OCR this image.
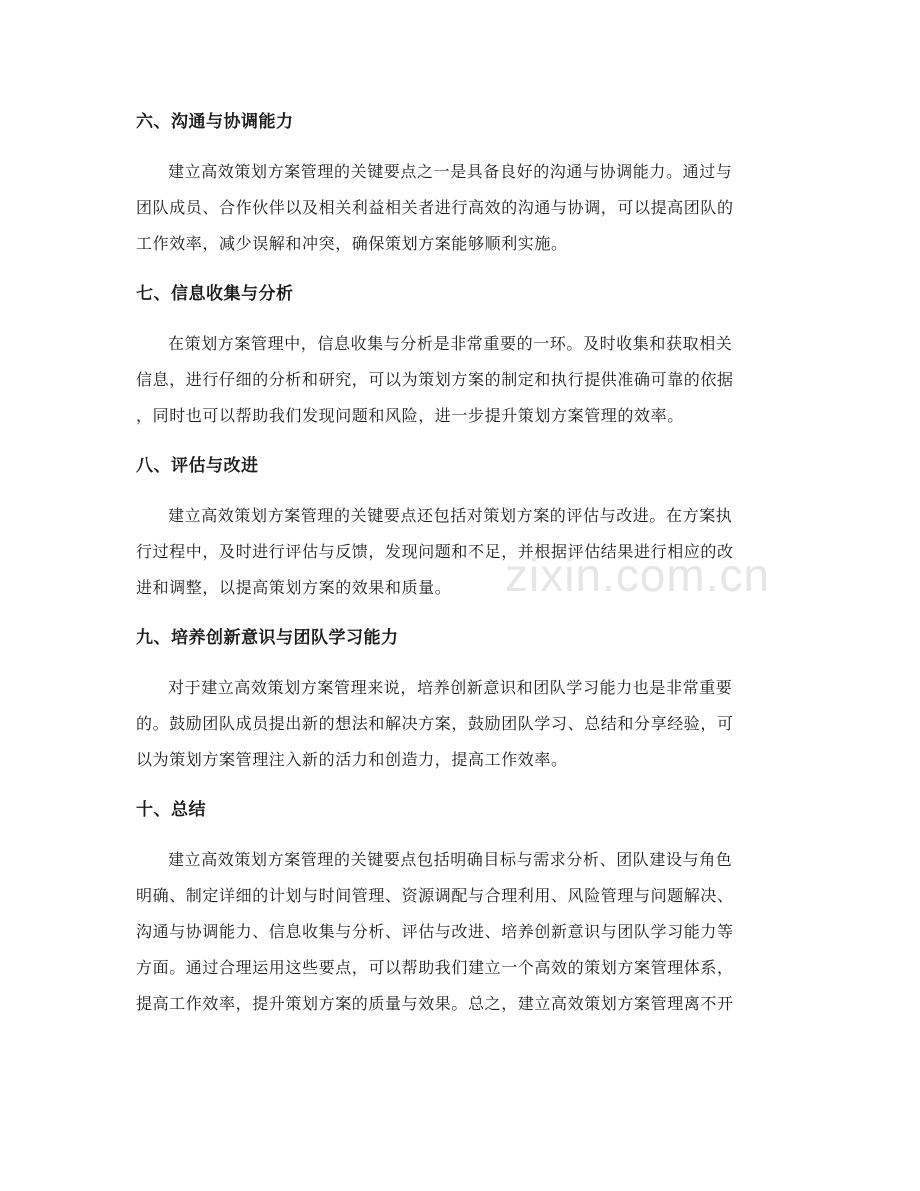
zixin.com.cn
六、沟通与协调能力

建立高效策划方案管理的关键要点之一是具备良好的沟通与协调能力。通过与
团队成员、合作伙伴以及相关利益相关者进行高效的沟通与协调，可以提高团队的
工作效率，减少误解和冲突，确保策划方案能够顺利实施。

七、信息收集与分析

在策划方案管理中，信息收集与分析是非常重要的一环。及时收集和获取相关
信息，进行仔细的分析和研究，可以为策划方案的制定和执行提供准确可靠的依据
，同时也可以帮助我们发现问题和风险，进一步提升策划方案管理的效率。

八、评估与改进

建立高效策划方案管理的关键要点还包括对策划方案的评估与改进。在方案执
行过程中，及时进行评估与反馈，发现问题和不足，并根据评估结果进行相应的改
进和调整，以提高策划方案的效果和质量。

九、培养创新意识与团队学习能力

对于建立高效策划方案管理来说，培养创新意识和团队学习能力也是非常重要
的。鼓励团队成员提出新的想法和解决方案，鼓励团队学习、总结和分享经验，可
以为策划方案管理注入新的活力和创造力，提高工作效率。

十、总结

建立高效策划方案管理的关键要点包括明确目标与需求分析、团队建设与角色
明确、制定详细的计划与时间管理、资源调配与合理利用、风险管理与问题解决、
沟通与协调能力、信息收集与分析、评估与改进、培养创新意识与团队学习能力等
方面。通过合理运用这些要点，可以帮助我们建立一个高效的策划方案管理体系，
提高工作效率，提升策划方案的质量与效果。总之，建立高效策划方案管理离不开
